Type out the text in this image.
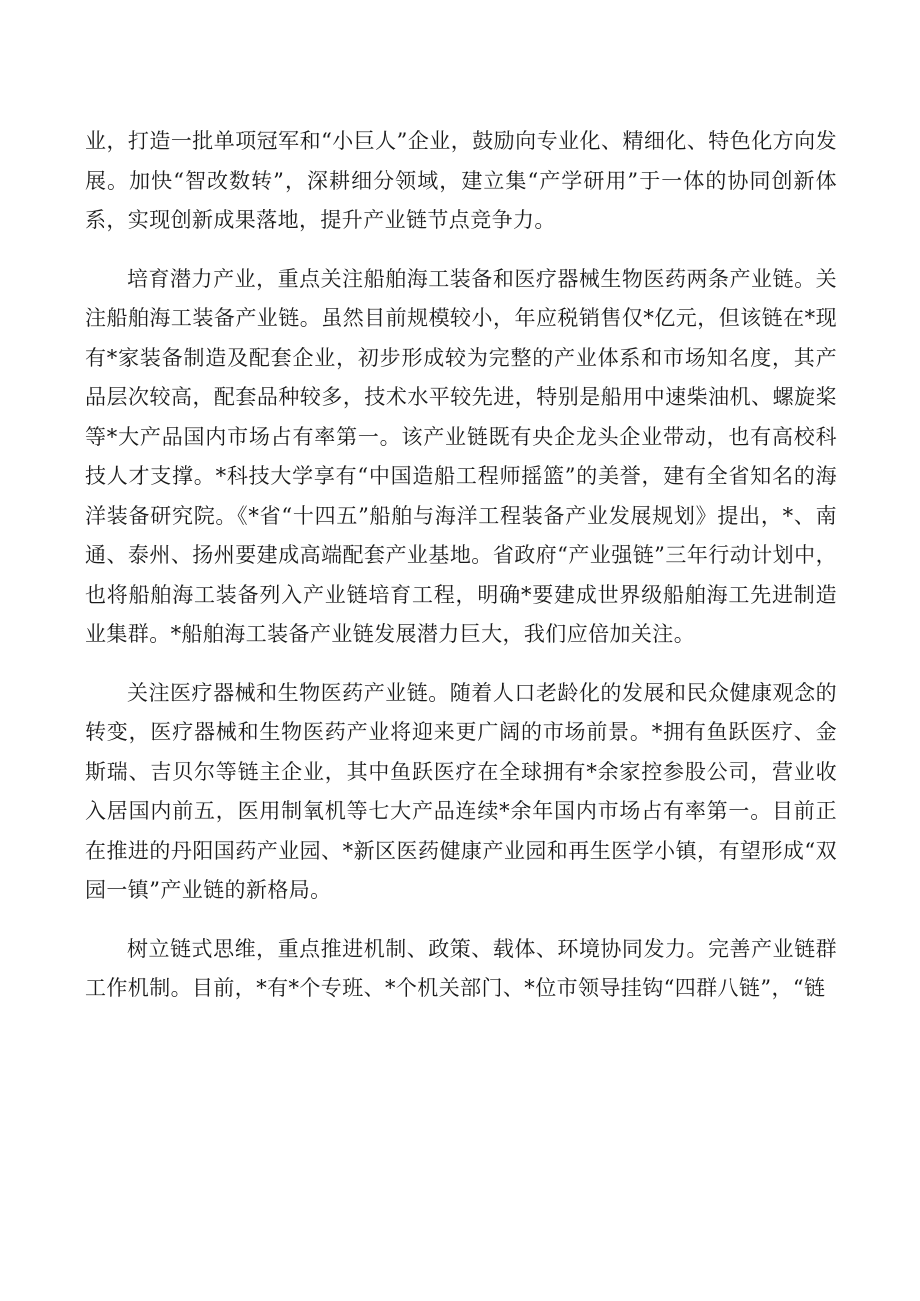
业，打造一批单项冠军和“小巨人”企业，鼓励向专业化、精细化、特色化方向发展。加快“智改数转”，深耕细分领域，建立集“产学研用”于一体的协同创新体系，实现创新成果落地，提升产业链节点竞争力。

培育潜力产业，重点关注船舶海工装备和医疗器械生物医药两条产业链。关注船舶海工装备产业链。虽然目前规模较小，年应税销售仅*亿元，但该链在*现有*家装备制造及配套企业，初步形成较为完整的产业体系和市场知名度，其产品层次较高，配套品种较多，技术水平较先进，特别是船用中速柴油机、螺旋桨等*大产品国内市场占有率第一。该产业链既有央企龙头企业带动，也有高校科技人才支撑。*科技大学享有“中国造船工程师摇篮”的美誉，建有全省知名的海洋装备研究院。《*省“十四五”船舶与海洋工程装备产业发展规划》提出，*、南通、泰州、扬州要建成高端配套产业基地。省政府“产业强链”三年行动计划中，也将船舶海工装备列入产业链培育工程，明确*要建成世界级船舶海工先进制造业集群。*船舶海工装备产业链发展潜力巨大，我们应倍加关注。

关注医疗器械和生物医药产业链。随着人口老龄化的发展和民众健康观念的转变，医疗器械和生物医药产业将迎来更广阔的市场前景。*拥有鱼跃医疗、金斯瑞、吉贝尔等链主企业，其中鱼跃医疗在全球拥有*余家控参股公司，营业收入居国内前五，医用制氧机等七大产品连续*余年国内市场占有率第一。目前正在推进的丹阳国药产业园、*新区医药健康产业园和再生医学小镇，有望形成“双园一镇”产业链的新格局。

树立链式思维，重点推进机制、政策、载体、环境协同发力。完善产业链群工作机制。目前，*有*个专班、*个机关部门、*位市领导挂钩“四群八链”，“链
